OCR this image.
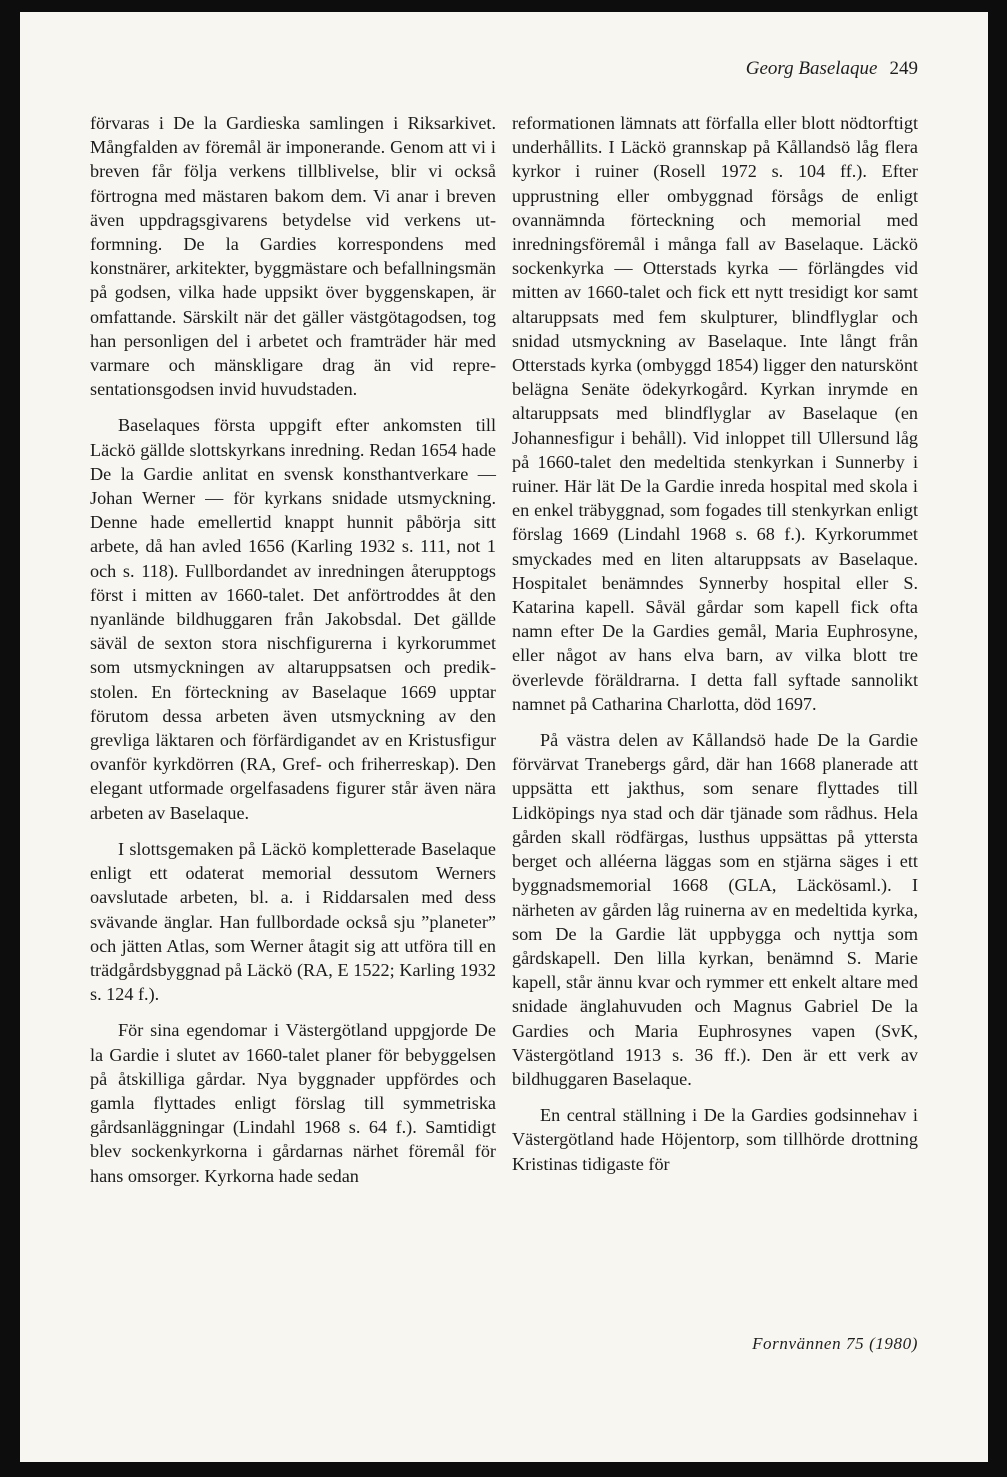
Georg Baselaque 249

förvaras i De la Gardieska samlingen i Riksarkivet. Mångfalden av föremål är imponerande. Genom att vi i breven får följa verkens tillblivelse, blir vi också förtrogna med mästaren bakom dem. Vi anar i breven även uppdragsgivarens betydelse vid verkens utformning. De la Gardies korrespondens med konstnärer, arkitekter, byggmästare och befallningsmän på godsen, vilka hade uppsikt över byggenskapen, är omfattande. Särskilt när det gäller västgötagodsen, tog han personligen del i arbetet och framträder här med varmare och mänskligare drag än vid representationsgodsen invid huvudstaden.

Baselaques första uppgift efter ankomsten till Läckö gällde slottskyrkans inredning. Redan 1654 hade De la Gardie anlitat en svensk konsthantverkare — Johan Werner — för kyrkans snidade utsmyckning. Denne hade emellertid knappt hunnit påbörja sitt arbete, då han avled 1656 (Karling 1932 s. 111, not 1 och s. 118). Fullbordandet av inredningen återupptogs först i mitten av 1660-talet. Det anförtroddes åt den nyanlände bildhuggaren från Jakobsdal. Det gällde säväl de sexton stora nischfigurerna i kyrkorummet som utsmyckningen av altaruppsatsen och predikstolen. En förteckning av Baselaque 1669 upptar förutom dessa arbeten även utsmyckning av den grevliga läktaren och förfärdigandet av en Kristusfigur ovanför kyrkdörren (RA, Gref- och friherreskap). Den elegant utformade orgelfasadens figurer står även nära arbeten av Baselaque.

I slottsgemaken på Läckö kompletterade Baselaque enligt ett odaterat memorial dessutom Werners oavslutade arbeten, bl. a. i Riddarsalen med dess svävande änglar. Han fullbordade också sju ”planeter” och jätten Atlas, som Werner åtagit sig att utföra till en trädgårdsbyggnad på Läckö (RA, E 1522; Karling 1932 s. 124 f.).

För sina egendomar i Västergötland uppgjorde De la Gardie i slutet av 1660-talet planer för bebyggelsen på åtskilliga gårdar. Nya byggnader uppfördes och gamla flyttades enligt förslag till symmetriska gårdsanläggningar (Lindahl 1968 s. 64 f.). Samtidigt blev sockenkyrkorna i gårdarnas närhet föremål för hans omsorger. Kyrkorna hade sedan

reformationen lämnats att förfalla eller blott nödtorftigt underhållits. I Läckö grannskap på Kållandsö låg flera kyrkor i ruiner (Rosell 1972 s. 104 ff.). Efter upprustning eller ombyggnad försågs de enligt ovannämnda förteckning och memorial med inredningsföremål i många fall av Baselaque. Läckö sockenkyrka — Otterstads kyrka — förlängdes vid mitten av 1660-talet och fick ett nytt tresidigt kor samt altaruppsats med fem skulpturer, blindflyglar och snidad utsmyckning av Baselaque. Inte långt från Otterstads kyrka (ombyggd 1854) ligger den naturskönt belägna Senäte ödekyrkogård. Kyrkan inrymde en altaruppsats med blindflyglar av Baselaque (en Johannesfigur i behåll). Vid inloppet till Ullersund låg på 1660-talet den medeltida stenkyrkan i Sunnerby i ruiner. Här lät De la Gardie inreda hospital med skola i en enkel träbyggnad, som fogades till stenkyrkan enligt förslag 1669 (Lindahl 1968 s. 68 f.). Kyrkorummet smyckades med en liten altaruppsats av Baselaque. Hospitalet benämndes Synnerby hospital eller S. Katarina kapell. Såväl gårdar som kapell fick ofta namn efter De la Gardies gemål, Maria Euphrosyne, eller något av hans elva barn, av vilka blott tre överlevde föräldrarna. I detta fall syftade sannolikt namnet på Catharina Charlotta, död 1697.

På västra delen av Kållandsö hade De la Gardie förvärvat Tranebergs gård, där han 1668 planerade att uppsätta ett jakthus, som senare flyttades till Lidköpings nya stad och där tjänade som rådhus. Hela gården skall rödfärgas, lusthus uppsättas på yttersta berget och alléerna läggas som en stjärna säges i ett byggnadsmemorial 1668 (GLA, Läckösaml.). I närheten av gården låg ruinerna av en medeltida kyrka, som De la Gardie lät uppbygga och nyttja som gårdskapell. Den lilla kyrkan, benämnd S. Marie kapell, står ännu kvar och rymmer ett enkelt altare med snidade änglahuvuden och Magnus Gabriel De la Gardies och Maria Euphrosynes vapen (SvK, Västergötland 1913 s. 36 ff.). Den är ett verk av bildhuggaren Baselaque.

En central ställning i De la Gardies godsinnehav i Västergötland hade Höjentorp, som tillhörde drottning Kristinas tidigaste för

Fornvännen 75 (1980)
